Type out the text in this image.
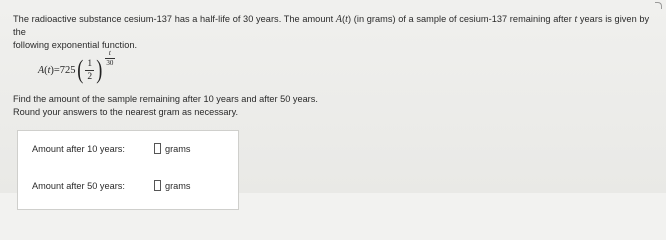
The radioactive substance cesium-137 has a half-life of 30 years. The amount A(t) (in grams) of a sample of cesium-137 remaining after t years is given by the
following exponential function.
A ( t ) =725 ( $\frac{1}{2}$ ) $\frac{t}{30}$
Find the amount of the sample remaining after 10 years and after 50 years.
Round your answers to the nearest gram as necessary.
Amount after 10 years:	grams
Amount after 50 years:	grams
